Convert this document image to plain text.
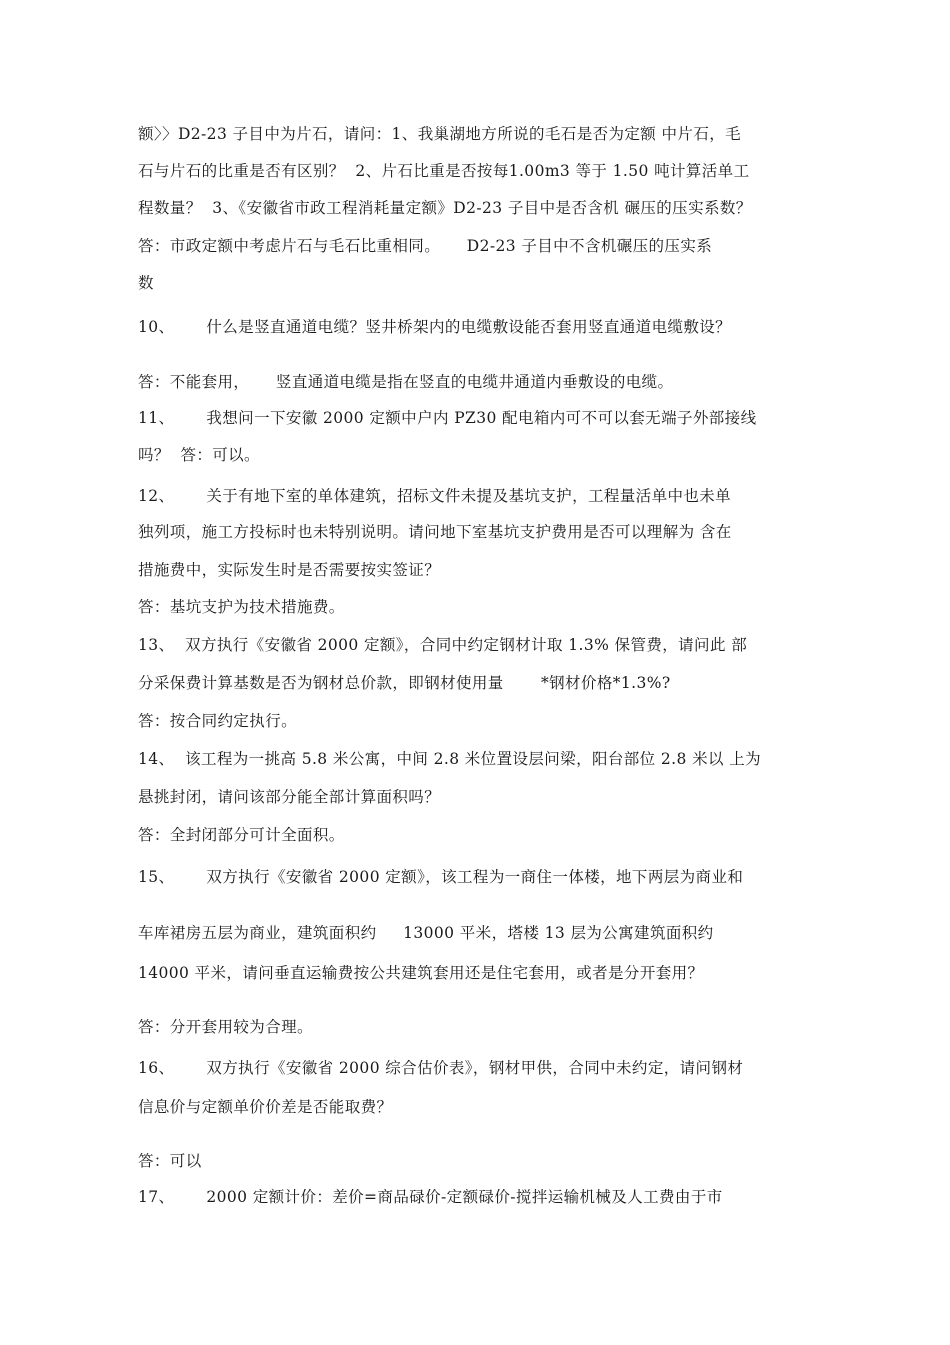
额〉〉D2-23 子目中为片石，请问：1、我巢湖地方所说的毛石是否为定额 中片石，毛
石与片石的比重是否有区别？  2、片石比重是否按每1.00m3 等于 1.50 吨计算活单工
程数量？  3、《安徽省市政工程消耗量定额》D2-23 子目中是否含机 碾压的压实系数？
答：市政定额中考虑片石与毛石比重相同。     D2-23 子目中不含机碾压的压实系
数
10、      什么是竖直通道电缆？竖井桥架内的电缆敷设能否套用竖直通道电缆敷设？
答：不能套用，     竖直通道电缆是指在竖直的电缆井通道内垂敷设的电缆。
11、      我想问一下安徽 2000 定额中户内 PZ30 配电箱内可不可以套无端子外部接线
吗？  答：可以。
12、      关于有地下室的单体建筑，招标文件未提及基坑支护，工程量活单中也未单
独列项，施工方投标时也未特别说明。请问地下室基坑支护费用是否可以理解为 含在
措施费中，实际发生时是否需要按实签证？
答：基坑支护为技术措施费。
13、  双方执行《安徽省 2000 定额》，合同中约定钢材计取 1.3% 保管费，请问此 部
分采保费计算基数是否为钢材总价款，即钢材使用量       *钢材价格*1.3%?
答：按合同约定执行。
14、  该工程为一挑高 5.8 米公寓，中间 2.8 米位置设层问梁，阳台部位 2.8 米以 上为
悬挑封闭，请问该部分能全部计算面积吗？
答：全封闭部分可计全面积。
15、      双方执行《安徽省 2000 定额》，该工程为一商住一体楼，地下两层为商业和
车库裙房五层为商业，建筑面积约     13000 平米，塔楼 13 层为公寓建筑面积约
14000 平米，请问垂直运输费按公共建筑套用还是住宅套用，或者是分开套用？
答：分开套用较为合理。
16、      双方执行《安徽省 2000 综合估价表》，钢材甲供，合同中未约定，请问钢材
信息价与定额单价价差是否能取费？
答：可以
17、      2000 定额计价：差价=商品碌价-定额碌价-搅拌运输机械及人工费由于市
